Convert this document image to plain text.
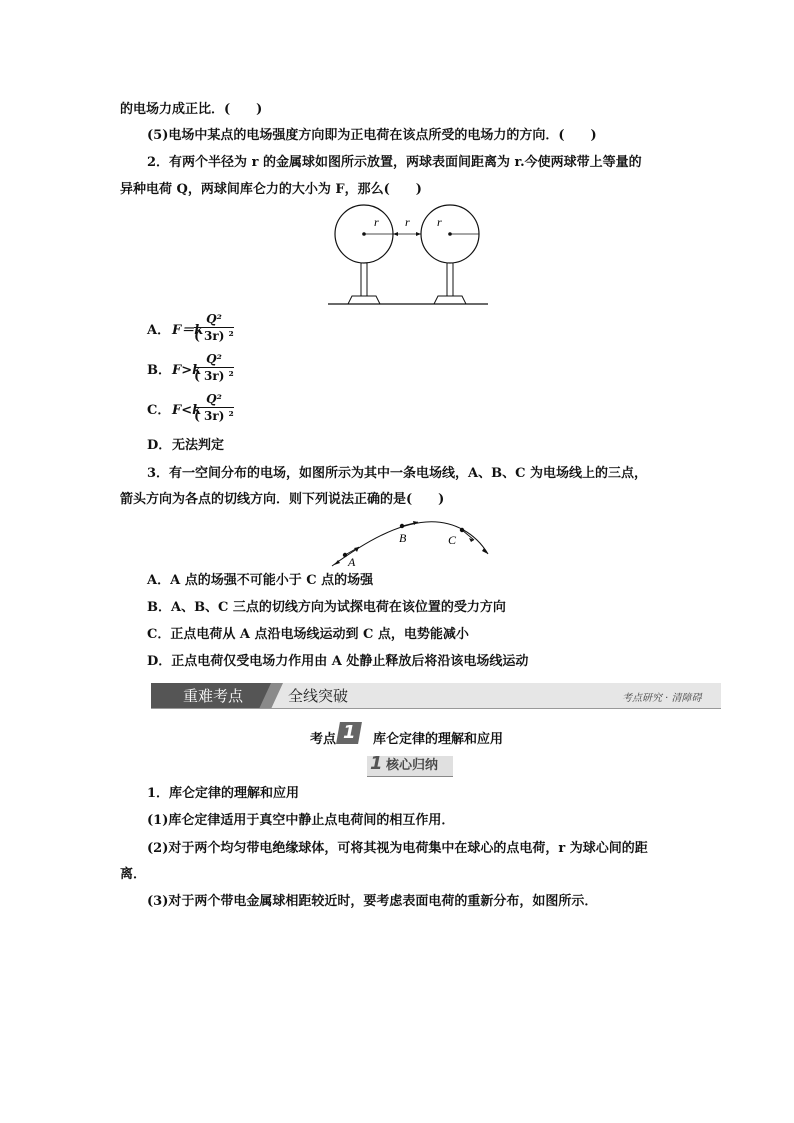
的电场力成正比．(　　)
(5)电场中某点的电场强度方向即为正电荷在该点所受的电场力的方向．(　　)
2．有两个半径为 r 的金属球如图所示放置，两球表面间距离为 r.今使两球带上等量的
异种电荷 Q，两球间库仑力的大小为 F，那么(　　)
r r r
A． F＝k
Q²
( 3r) ²
B． F>k
Q²
( 3r) ²
C． F<k
Q²
( 3r) ²
D． 无法判定
3．有一空间分布的电场，如图所示为其中一条电场线，A、B、C 为电场线上的三点，
箭头方向为各点的切线方向．则下列说法正确的是(　　)
A
B	C
A．A 点的场强不可能小于 C 点的场强
B．A、B、C 三点的切线方向为试探电荷在该位置的受力方向
C．正点电荷从 A 点沿电场线运动到 C 点，电势能减小
D．正点电荷仅受电场力作用由 A 处静止释放后将沿该电场线运动
重难考点	全线突破	考点研究 · 清障碍
考点 1 库仑定律的理解和应用
1 核心归纳
1．库仑定律的理解和应用
(1)库仑定律适用于真空中静止点电荷间的相互作用．
(2)对于两个均匀带电绝缘球体，可将其视为电荷集中在球心的点电荷，r 为球心间的距
离．
(3)对于两个带电金属球相距较近时，要考虑表面电荷的重新分布，如图所示．
